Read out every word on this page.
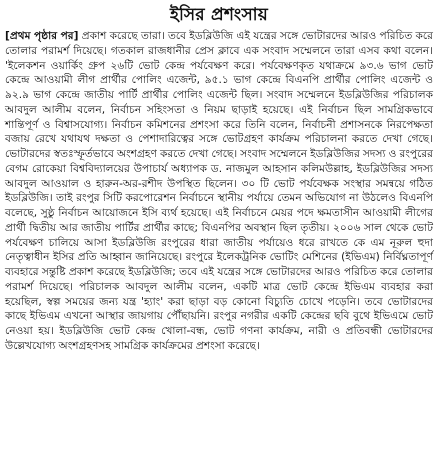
ইসির প্রশংসায়
[প্রথম পৃষ্ঠার পর] প্রকাশ করেছে তারা। তবে ইডব্লিউজি এই যন্ত্রের সঙ্গে ভোটারদের আরও পরিচিত করে তোলার পরামর্শ দিয়েছে। গতকাল রাজধানীর প্রেস ক্লাবে এক সংবাদ সম্মেলনে তারা এসব কথা বলেন। 'ইলেকশন ওয়ার্কিং গ্রুপ ২৬টি ভোট কেন্দ্র পর্যবেক্ষণ করে। পর্যবেক্ষণকৃত যথাক্রমে ৯৩.৬ ভাগ ভোট কেন্দ্রে আওয়ামী লীগ প্রার্থীর পোলিং এজেন্ট, ৯৫.১ ভাগ কেন্দ্রে বিএনপি প্রার্থীর পোলিং এজেন্ট ও ৯২.৯ ভাগ কেন্দ্রে জাতীয় পার্টি প্রার্থীর পোলিং এজেন্ট ছিল। সংবাদ সম্মেলনে ইডব্লিউজির পরিচালক আবদুল আলীম বলেন, নির্বাচন সহিংসতা ও নিয়ম ছাড়াই হয়েছে। এই নির্বাচন ছিল সামগ্রিকভাবে শান্তিপূর্ণ ও বিশ্বাসযোগ্য। নির্বাচন কমিশনের প্রশংসা করে তিনি বলেন, নির্বাচনী প্রশাসনকে নিরপেক্ষতা বজায় রেখে যথাযথ দক্ষতা ও পেশাদারিত্বের সঙ্গে ভোটগ্রহণ কার্যক্রম পরিচালনা করতে দেখা গেছে। ভোটারদের স্বতঃস্ফূর্তভাবে অংশগ্রহণ করতে দেখা গেছে। সংবাদ সম্মেলনে ইডব্লিউজির সদস্য ও রংপুরের বেগম রোকেয়া বিশ্ববিদ্যালয়ের উপাচার্য অধ্যাপক ড. নাজমুল আহসান কলিমউল্লাহ, ইডব্লিউজির সদস্য আবদুল আওয়াল ও হারুন-অর-রশীদ উপস্থিত ছিলেন। ৩০ টি ভোট পর্যবেক্ষক সংস্থার সমন্বয়ে গঠিত ইডব্লিউজি। তাই রংপুর সিটি করপোরেশন নির্বাচনে স্থানীয় পর্যায়ে তেমন অভিযোগ না উঠলেও বিএনপি বলেছে, সুষ্ঠু নির্বাচন আয়োজনে ইসি ব্যর্থ হয়েছে। এই নির্বাচনে মেয়র পদে ক্ষমতাসীন আওয়ামী লীগের প্রার্থী দ্বিতীয় আর জাতীয় পার্টির প্রার্থীর কাছে; বিএনপির অবস্থান ছিল তৃতীয়। ২০০৬ সাল থেকে ভোট পর্যবেক্ষণ চালিয়ে আসা ইডব্লিউজি রংপুরের ধারা জাতীয় পর্যায়েও ধরে রাখতে কে এম নূরুল হুদা নেতৃত্বাধীন ইসির প্রতি আহ্বান জানিয়েছে। রংপুরে ইলেকট্রনিক ভোটিং মেশিনের (ইভিএম) নির্বিঘ্নতাপূর্ণ ব্যবহারে সন্তুষ্টি প্রকাশ করেছে ইডব্লিউজি; তবে এই যন্ত্রের সঙ্গে ভোটারদের আরও পরিচিত করে তোলার পরামর্শ দিয়েছে। পরিচালক আবদুল আলীম বলেন, একটি মাত্র ভোট কেন্দ্রে ইভিএম ব্যবহার করা হয়েছিল, স্বল্প সময়ের জন্য যন্ত্র 'হ্যাং' করা ছাড়া বড় কোনো বিচ্যুতি চোখে পড়েনি। তবে ভোটারদের কাছে ইভিএম এখনো আস্থার জায়গায় পৌঁছায়নি। রংপুর নগরীর একটি কেন্দ্রের ছবি বুথে ইভিএমে ভোট নেওয়া হয়। ইডব্লিউজি ভোট কেন্দ্র খোলা-বন্ধ, ভোট গণনা কার্যক্রম, নারী ও প্রতিবন্ধী ভোটারদের উল্লেখযোগ্য অংশগ্রহণসহ সামগ্রিক কার্যক্রমের প্রশংসা করেছে।
